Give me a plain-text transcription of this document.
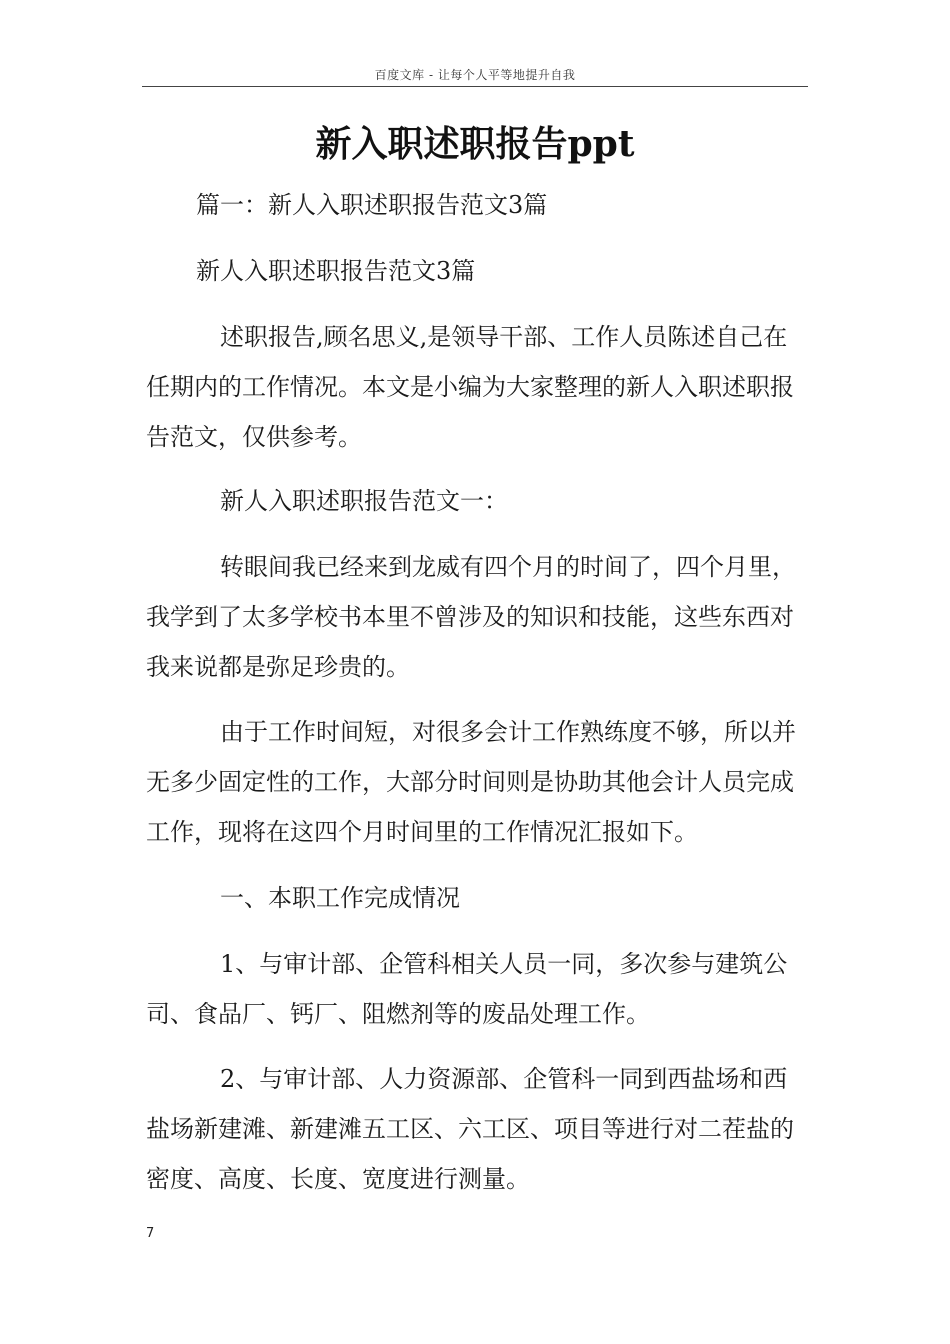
百度文库 - 让每个人平等地提升自我
新入职述职报告ppt

篇一：新人入职述职报告范文3篇

新人入职述职报告范文3篇

述职报告,顾名思义,是领导干部、工作人员陈述自己在任期内的工作情况。本文是小编为大家整理的新人入职述职报告范文，仅供参考。

新人入职述职报告范文一：

转眼间我已经来到龙威有四个月的时间了，四个月里，我学到了太多学校书本里不曾涉及的知识和技能，这些东西对我来说都是弥足珍贵的。

由于工作时间短，对很多会计工作熟练度不够，所以并无多少固定性的工作，大部分时间则是协助其他会计人员完成工作，现将在这四个月时间里的工作情况汇报如下。

一、本职工作完成情况

1、与审计部、企管科相关人员一同，多次参与建筑公司、食品厂、钙厂、阻燃剂等的废品处理工作。

2、与审计部、人力资源部、企管科一同到西盐场和西盐场新建滩、新建滩五工区、六工区、项目等进行对二茬盐的密度、高度、长度、宽度进行测量。

7
